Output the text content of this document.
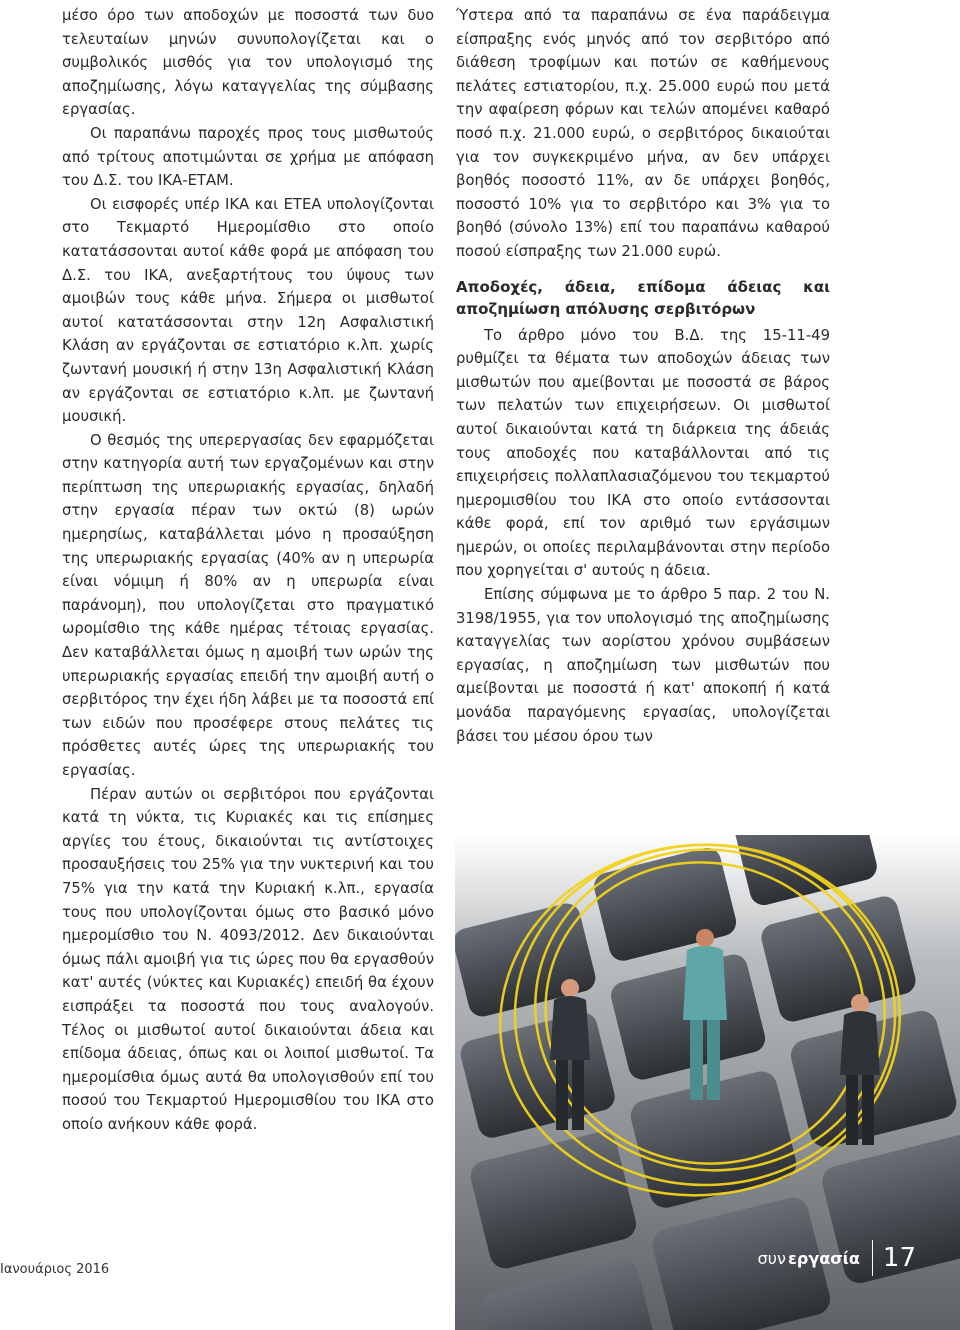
μέσο όρο των αποδοχών με ποσοστά των δυο τελευταίων μηνών συνυπολογίζεται και ο συμβολικός μισθός για τον υπολογισμό της αποζημίωσης, λόγω καταγγελίας της σύμβασης εργασίας.

Οι παραπάνω παροχές προς τους μισθωτούς από τρίτους αποτιμώνται σε χρήμα με απόφαση του Δ.Σ. του ΙΚΑ-ΕΤΑΜ.

Οι εισφορές υπέρ ΙΚΑ και ΕΤΕΑ υπολογίζονται στο Τεκμαρτό Ημερομίσθιο στο οποίο κατατάσσονται αυτοί κάθε φορά με απόφαση του Δ.Σ. του ΙΚΑ, ανεξαρτήτους του ύψους των αμοιβών τους κάθε μήνα. Σήμερα οι μισθωτοί αυτοί κατατάσσονται στην 12η Ασφαλιστική Κλάση αν εργάζονται σε εστιατόριο κ.λπ. χωρίς ζωντανή μουσική ή στην 13η Ασφαλιστική Κλάση αν εργάζονται σε εστιατόριο κ.λπ. με ζωντανή μουσική.

Ο θεσμός της υπερεργασίας δεν εφαρμόζεται στην κατηγορία αυτή των εργαζομένων και στην περίπτωση της υπερωριακής εργασίας, δηλαδή στην εργασία πέραν των οκτώ (8) ωρών ημερησίως, καταβάλλεται μόνο η προσαύξηση της υπερωριακής εργασίας (40% αν η υπερωρία είναι νόμιμη ή 80% αν η υπερωρία είναι παράνομη), που υπολογίζεται στο πραγματικό ωρομίσθιο της κάθε ημέρας τέτοιας εργασίας. Δεν καταβάλλεται όμως η αμοιβή των ωρών της υπερωριακής εργασίας επειδή την αμοιβή αυτή ο σερβιτόρος την έχει ήδη λάβει με τα ποσοστά επί των ειδών που προσέφερε στους πελάτες τις πρόσθετες αυτές ώρες της υπερωριακής του εργασίας.

Πέραν αυτών οι σερβιτόροι που εργάζονται κατά τη νύκτα, τις Κυριακές και τις επίσημες αργίες του έτους, δικαιούνται τις αντίστοιχες προσαυξήσεις του 25% για την νυκτερινή και του 75% για την κατά την Κυριακή κ.λπ., εργασία τους που υπολογίζονται όμως στο βασικό μόνο ημερομίσθιο του Ν. 4093/2012. Δεν δικαιούνται όμως πάλι αμοιβή για τις ώρες που θα εργασθούν κατ' αυτές (νύκτες και Κυριακές) επειδή θα έχουν εισπράξει τα ποσοστά που τους αναλογούν. Τέλος οι μισθωτοί αυτοί δικαιούνται άδεια και επίδομα άδειας, όπως και οι λοιποί μισθωτοί. Τα ημερομίσθια όμως αυτά θα υπολογισθούν επί του ποσού του Τεκμαρτού Ημερομισθίου του ΙΚΑ στο οποίο ανήκουν κάθε φορά.

Ύστερα από τα παραπάνω σε ένα παράδειγμα είσπραξης ενός μηνός από τον σερβιτόρο από διάθεση τροφίμων και ποτών σε καθήμενους πελάτες εστιατορίου, π.χ. 25.000 ευρώ που μετά την αφαίρεση φόρων και τελών απομένει καθαρό ποσό π.χ. 21.000 ευρώ, ο σερβιτόρος δικαιούται για τον συγκεκριμένο μήνα, αν δεν υπάρχει βοηθός ποσοστό 11%, αν δε υπάρχει βοηθός, ποσοστό 10% για το σερβιτόρο και 3% για το βοηθό (σύνολο 13%) επί του παραπάνω καθαρού ποσού είσπραξης των 21.000 ευρώ.

Αποδοχές, άδεια, επίδομα άδειας και αποζημίωση απόλυσης σερβιτόρων

Το άρθρο μόνο του Β.Δ. της 15-11-49 ρυθμίζει τα θέματα των αποδοχών άδειας των μισθωτών που αμείβονται με ποσοστά σε βάρος των πελατών των επιχειρήσεων. Οι μισθωτοί αυτοί δικαιούνται κατά τη διάρκεια της άδειάς τους αποδοχές που καταβάλλονται από τις επιχειρήσεις πολλαπλασιαζόμενου του τεκμαρτού ημερομισθίου του ΙΚΑ στο οποίο εντάσσονται κάθε φορά, επί τον αριθμό των εργάσιμων ημερών, οι οποίες περιλαμβάνονται στην περίοδο που χορηγείται σ' αυτούς η άδεια.

Επίσης σύμφωνα με το άρθρο 5 παρ. 2 του Ν. 3198/1955, για τον υπολογισμό της αποζημίωσης καταγγελίας των αορίστου χρόνου συμβάσεων εργασίας, η αποζημίωση των μισθωτών που αμείβονται με ποσοστά ή κατ' αποκοπή ή κατά μονάδα παραγόμενης εργασίας, υπολογίζεται βάσει του μέσου όρου των

Ιανουάριος 2016
συν εργασία 17
